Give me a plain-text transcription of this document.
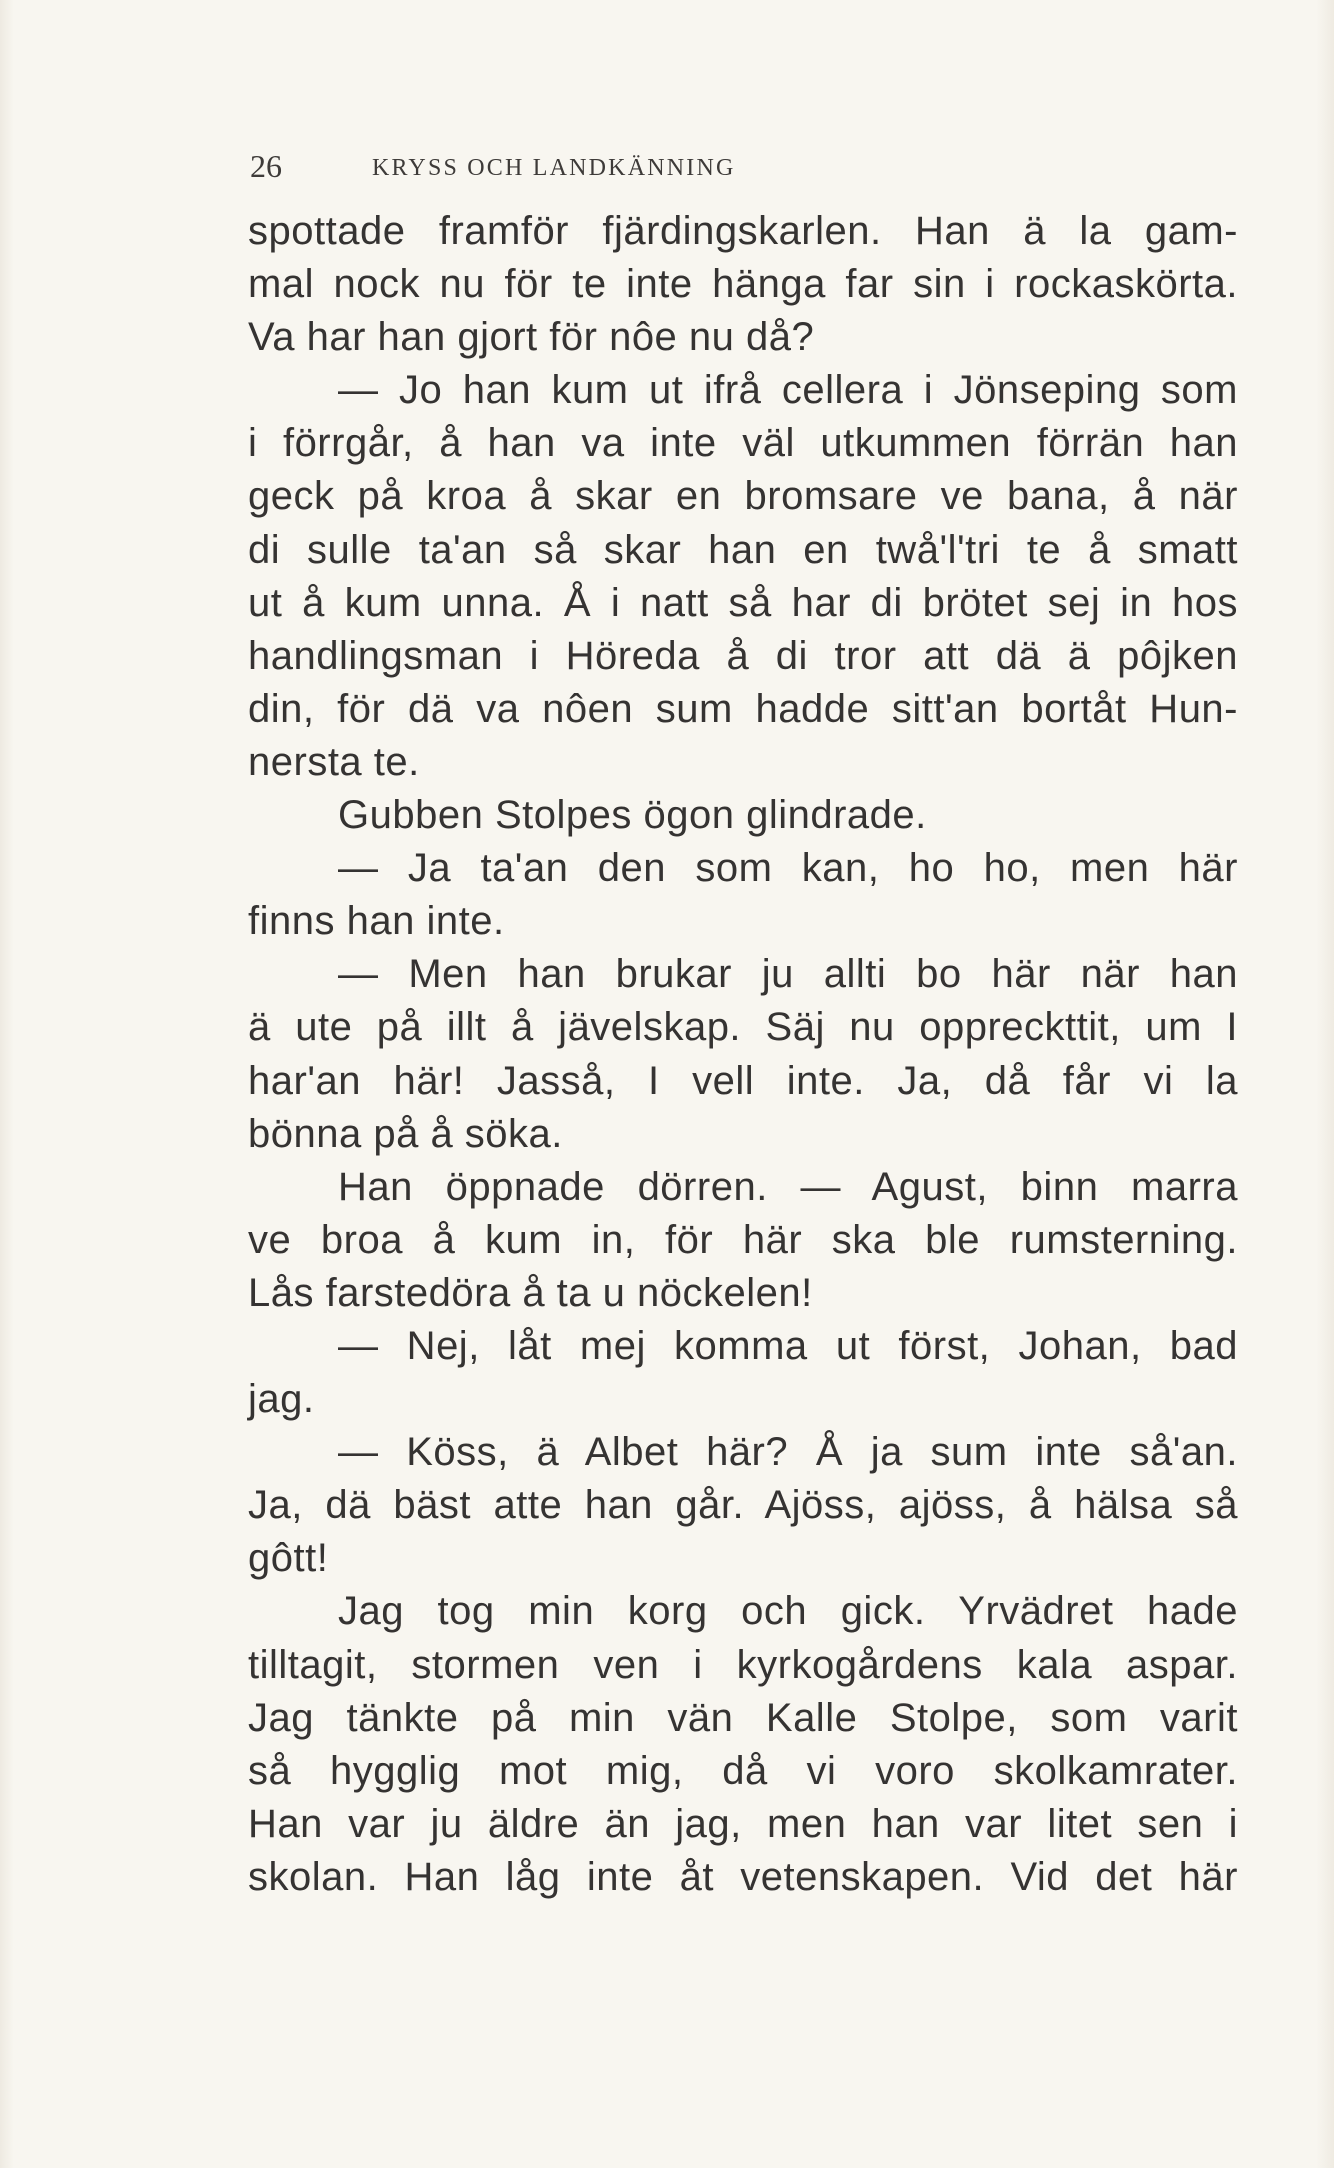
26	KRYSS OCH LANDKÄNNING
spottade framför fjärdingskarlen. Han ä la gam-
mal nock nu för te inte hänga far sin i rockaskörta.
Va har han gjort för nôe nu då?
— Jo han kum ut ifrå cellera i Jönseping som
i förrgår, å han va inte väl utkummen förrän han
geck på kroa å skar en bromsare ve bana, å när
di sulle ta'an så skar han en twå'l'tri te å smatt
ut å kum unna. Å i natt så har di brötet sej in hos
handlingsman i Höreda å di tror att dä ä pôjken
din, för dä va nôen sum hadde sitt'an bortåt Hun-
nersta te.
Gubben Stolpes ögon glindrade.
— Ja ta'an den som kan, ho ho, men här
finns han inte.
— Men han brukar ju allti bo här när han
ä ute på illt å jävelskap. Säj nu oppreckttit, um I
har'an här! Jasså, I vell inte. Ja, då får vi la
bönna på å söka.
Han öppnade dörren. — Agust, binn marra
ve broa å kum in, för här ska ble rumsterning.
Lås farstedöra å ta u nöckelen!
— Nej, låt mej komma ut först, Johan, bad
jag.
— Köss, ä Albet här? Å ja sum inte så'an.
Ja, dä bäst atte han går. Ajöss, ajöss, å hälsa så
gôtt!
Jag tog min korg och gick. Yrvädret hade
tilltagit, stormen ven i kyrkogårdens kala aspar.
Jag tänkte på min vän Kalle Stolpe, som varit
så hygglig mot mig, då vi voro skolkamrater.
Han var ju äldre än jag, men han var litet sen i
skolan. Han låg inte åt vetenskapen. Vid det här
